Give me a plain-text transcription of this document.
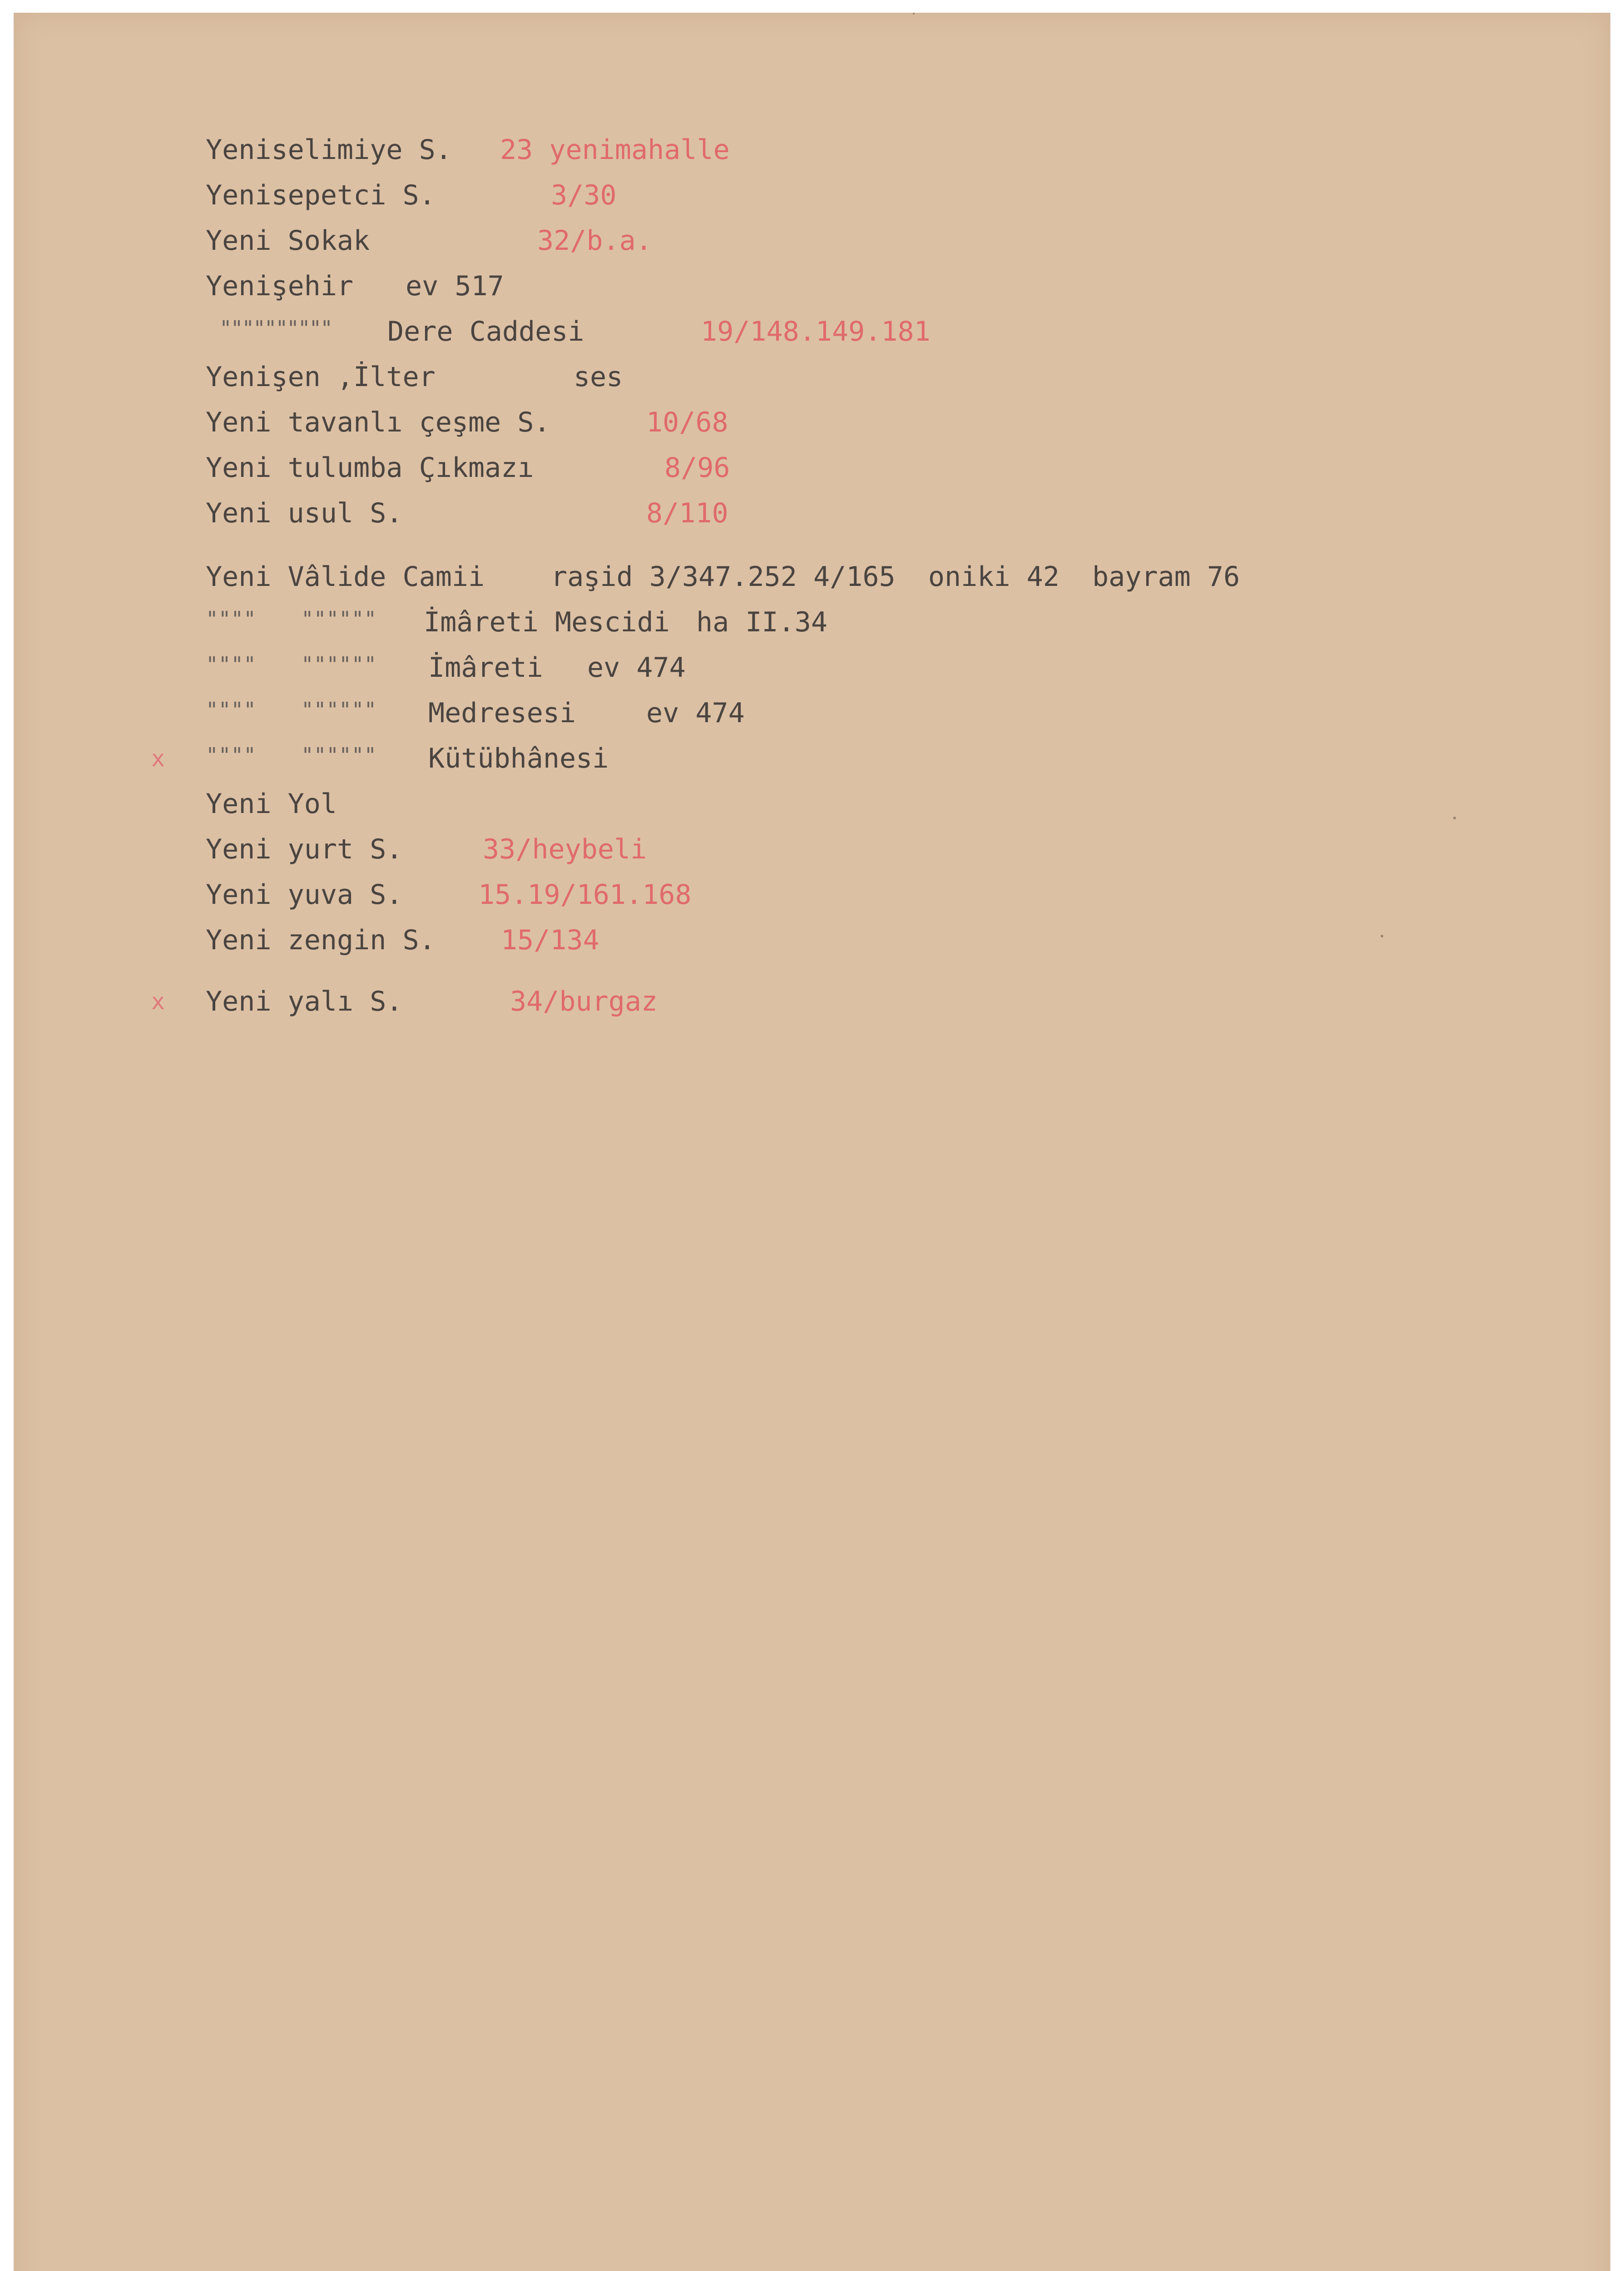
Yeniselimiye S. 23 yenimahalle
Yenisepetci S.	3/30
Yeni Sokak	32/b.a.
Yenişehir ev 517
"""""""""" Dere Caddesi	19/148.149.181
Yenişen ,İlter	ses
Yeni tavanlı çeşme S.	10/68
Yeni tulumba Çıkmazı	8/96
Yeni usul S.	8/110
Yeni Vâlide Camii raşid 3/347.252 4/165  oniki 42  bayram 76
"""" """""" İmâreti Mescidi ha II.34
"""" """""" İmâreti ev 474
"""" """""" Medresesi	ev 474
x """" """""" Kütübhânesi
Yeni Yol
Yeni yurt S.	33/heybeli
Yeni yuva S.	15.19/161.168
Yeni zengin S. 15/134
x Yeni yalı S.	34/burgaz
